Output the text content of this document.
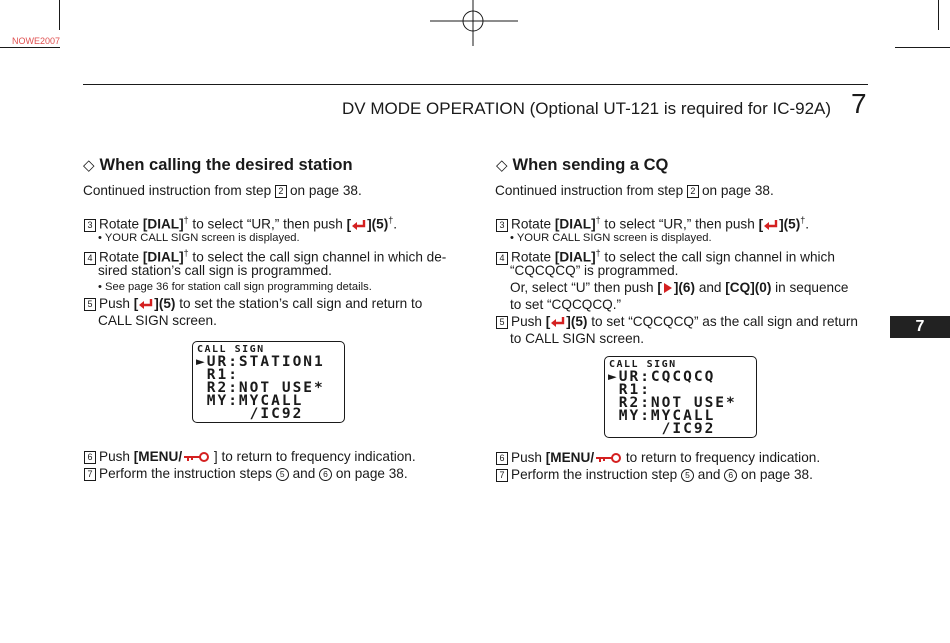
NOWE2007
DV MODE OPERATION (Optional UT-121 is required for IC-92A) 7
7
◇ When calling the desired station
Continued instruction from step 2 on page 38.
3 Rotate [DIAL]† to select “UR,” then push [ ](5)†.
• YOUR CALL SIGN screen is displayed.
4 Rotate [DIAL]† to select the call sign channel in which de-
sired station’s call sign is programmed.
• See page 36 for station call sign programming details.
5 Push [ ](5) to set the station’s call sign and return to
CALL SIGN screen.
CALL SIGN
►UR:STATION1
R1:
R2:NOT USE*
MY:MYCALL
/IC92
6 Push [MENU/ ] to return to frequency indication.
7 Perform the instruction steps 5 and 6 on page 38.
◇ When sending a CQ
Continued instruction from step 2 on page 38.
3 Rotate [DIAL]† to select “UR,” then push [ ](5)†.
• YOUR CALL SIGN screen is displayed.
4 Rotate [DIAL]† to select the call sign channel in which
“CQCQCQ” is programmed.
Or, select “U” then push [ ](6) and [CQ](0) in sequence
to set “CQCQCQ.”
5 Push [ ](5) to set “CQCQCQ” as the call sign and return
to CALL SIGN screen.
CALL SIGN
►UR:CQCQCQ
R1:
R2:NOT USE*
MY:MYCALL
/IC92
6 Push [MENU/ to return to frequency indication.
7 Perform the instruction step 5 and 6 on page 38.
